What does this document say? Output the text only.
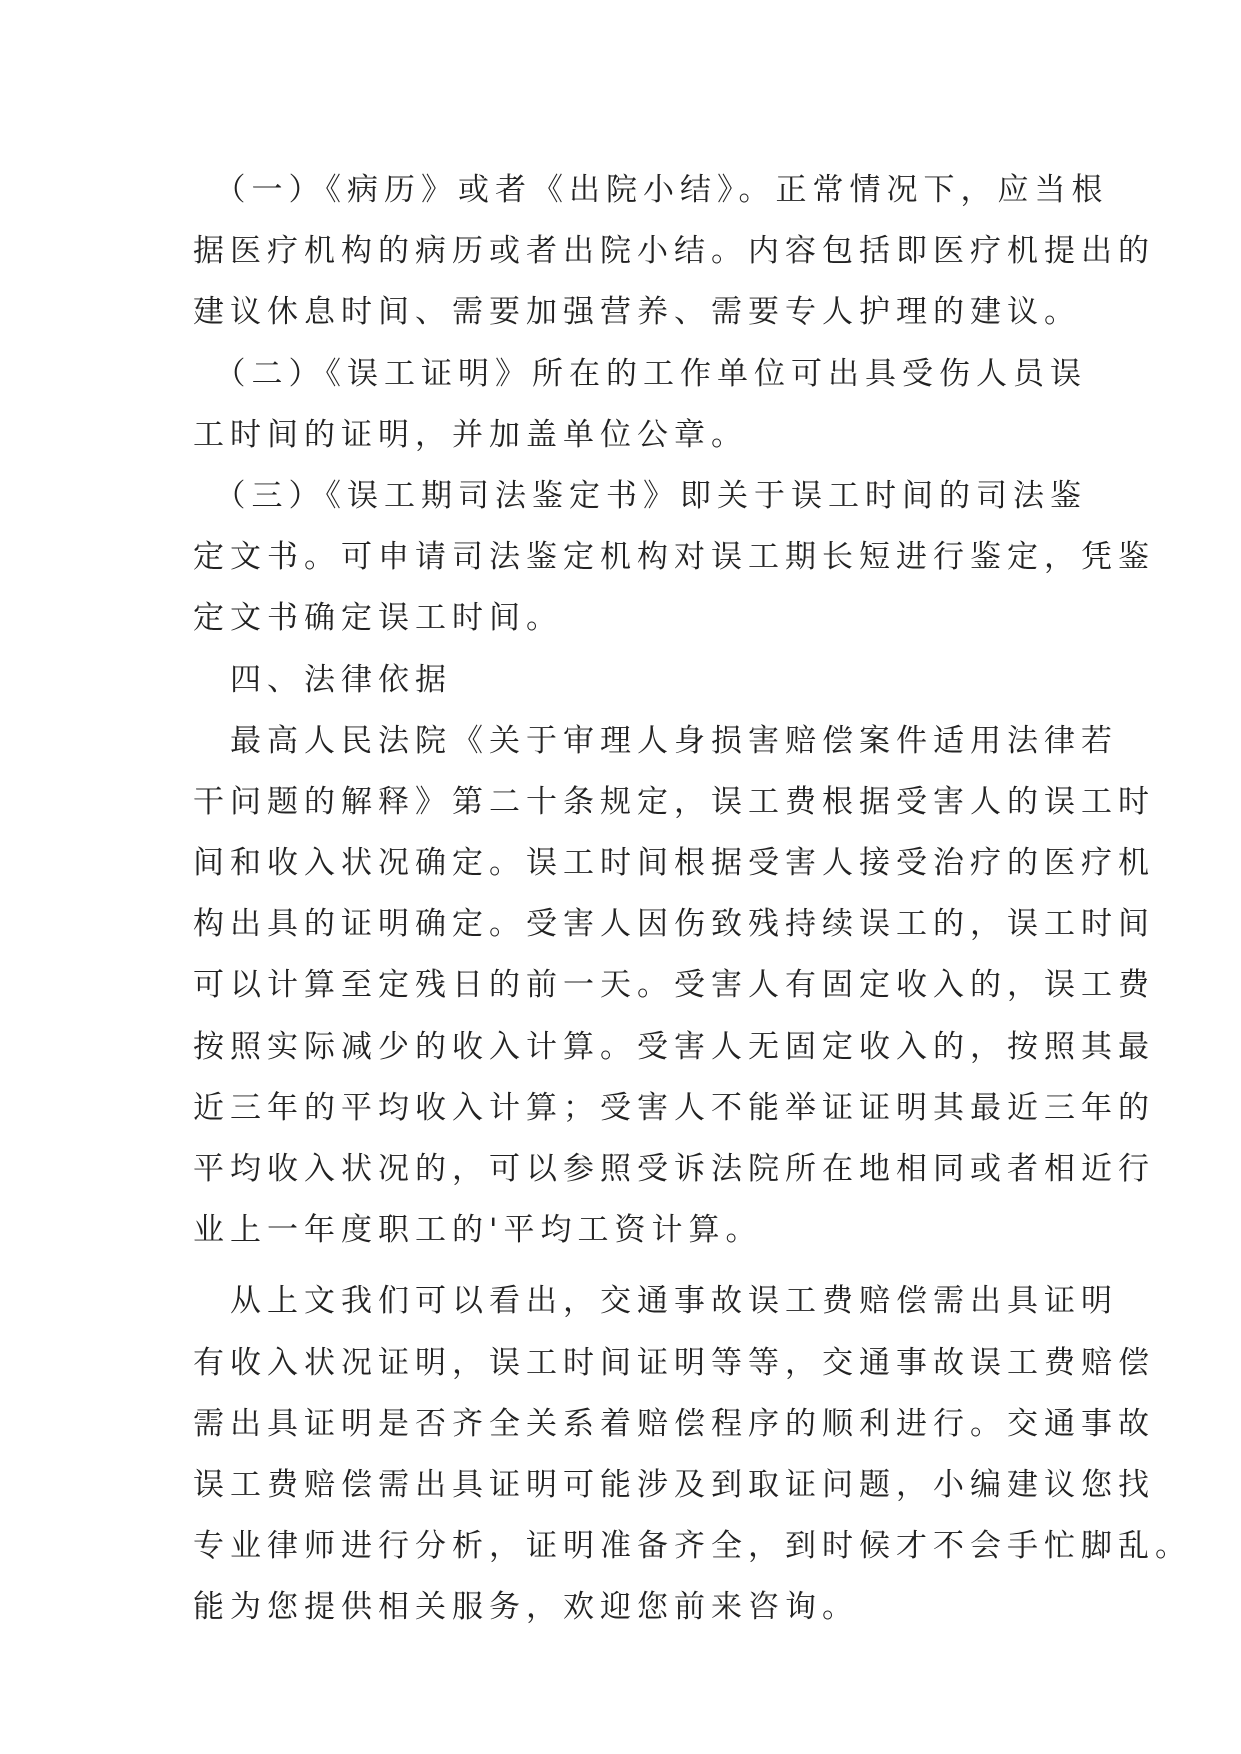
　（一）《病历》或者《出院小结》。正常情况下，应当根
据医疗机构的病历或者出院小结。内容包括即医疗机提出的
建议休息时间、需要加强营养、需要专人护理的建议。
　（二）《误工证明》所在的工作单位可出具受伤人员误
工时间的证明，并加盖单位公章。
　（三）《误工期司法鉴定书》即关于误工时间的司法鉴
定文书。可申请司法鉴定机构对误工期长短进行鉴定，凭鉴
定文书确定误工时间。
　四、法律依据
　最高人民法院《关于审理人身损害赔偿案件适用法律若
干问题的解释》第二十条规定，误工费根据受害人的误工时
间和收入状况确定。误工时间根据受害人接受治疗的医疗机
构出具的证明确定。受害人因伤致残持续误工的，误工时间
可以计算至定残日的前一天。受害人有固定收入的，误工费
按照实际减少的收入计算。受害人无固定收入的，按照其最
近三年的平均收入计算；受害人不能举证证明其最近三年的
平均收入状况的，可以参照受诉法院所在地相同或者相近行
业上一年度职工的'平均工资计算。
　从上文我们可以看出，交通事故误工费赔偿需出具证明
有收入状况证明，误工时间证明等等，交通事故误工费赔偿
需出具证明是否齐全关系着赔偿程序的顺利进行。交通事故
误工费赔偿需出具证明可能涉及到取证问题，小编建议您找
专业律师进行分析，证明准备齐全，到时候才不会手忙脚乱。
能为您提供相关服务，欢迎您前来咨询。
